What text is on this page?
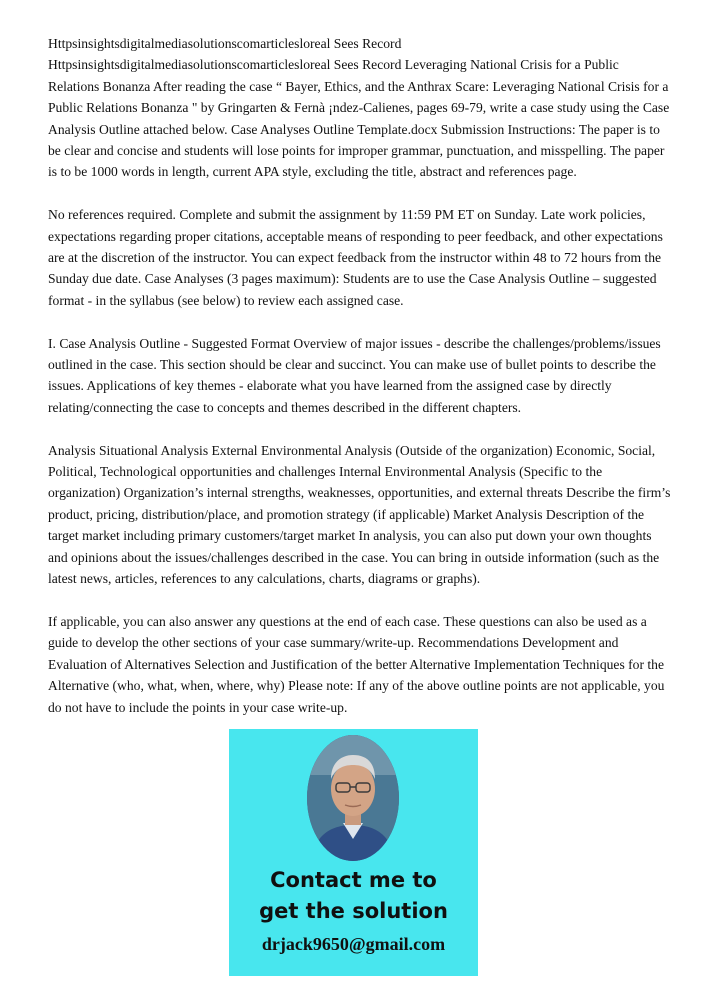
Httpsinsightsdigitalmediasolutionscomarticlesloreal Sees Record Httpsinsightsdigitalmediasolutionscomarticlesloreal Sees Record Leveraging National Crisis for a Public Relations Bonanza After reading the case “ Bayer, Ethics, and the Anthrax Scare: Leveraging National Crisis for a Public Relations Bonanza " by Gringarten & Fernà ¡ndez-Calienes, pages 69-79, write a case study using the Case Analysis Outline attached below. Case Analyses Outline Template.docx Submission Instructions: The paper is to be clear and concise and students will lose points for improper grammar, punctuation, and misspelling. The paper is to be 1000 words in length, current APA style, excluding the title, abstract and references page.

No references required. Complete and submit the assignment by 11:59 PM ET on Sunday. Late work policies, expectations regarding proper citations, acceptable means of responding to peer feedback, and other expectations are at the discretion of the instructor. You can expect feedback from the instructor within 48 to 72 hours from the Sunday due date. Case Analyses (3 pages maximum): Students are to use the Case Analysis Outline – suggested format - in the syllabus (see below) to review each assigned case.

I. Case Analysis Outline - Suggested Format Overview of major issues - describe the challenges/problems/issues outlined in the case. This section should be clear and succinct. You can make use of bullet points to describe the issues. Applications of key themes - elaborate what you have learned from the assigned case by directly relating/connecting the case to concepts and themes described in the different chapters.

Analysis Situational Analysis External Environmental Analysis (Outside of the organization) Economic, Social, Political, Technological opportunities and challenges Internal Environmental Analysis (Specific to the organization) Organization’s internal strengths, weaknesses, opportunities, and external threats Describe the firm’s product, pricing, distribution/place, and promotion strategy (if applicable) Market Analysis Description of the target market including primary customers/target market In analysis, you can also put down your own thoughts and opinions about the issues/challenges described in the case. You can bring in outside information (such as the latest news, articles, references to any calculations, charts, diagrams or graphs).

If applicable, you can also answer any questions at the end of each case. These questions can also be used as a guide to develop the other sections of your case summary/write-up. Recommendations Development and Evaluation of Alternatives Selection and Justification of the better Alternative Implementation Techniques for the Alternative (who, what, when, where, why) Please note: If any of the above outline points are not applicable, you do not have to include the points in your case write-up.

Contact me to
get the solution
drjack9650@gmail.com
